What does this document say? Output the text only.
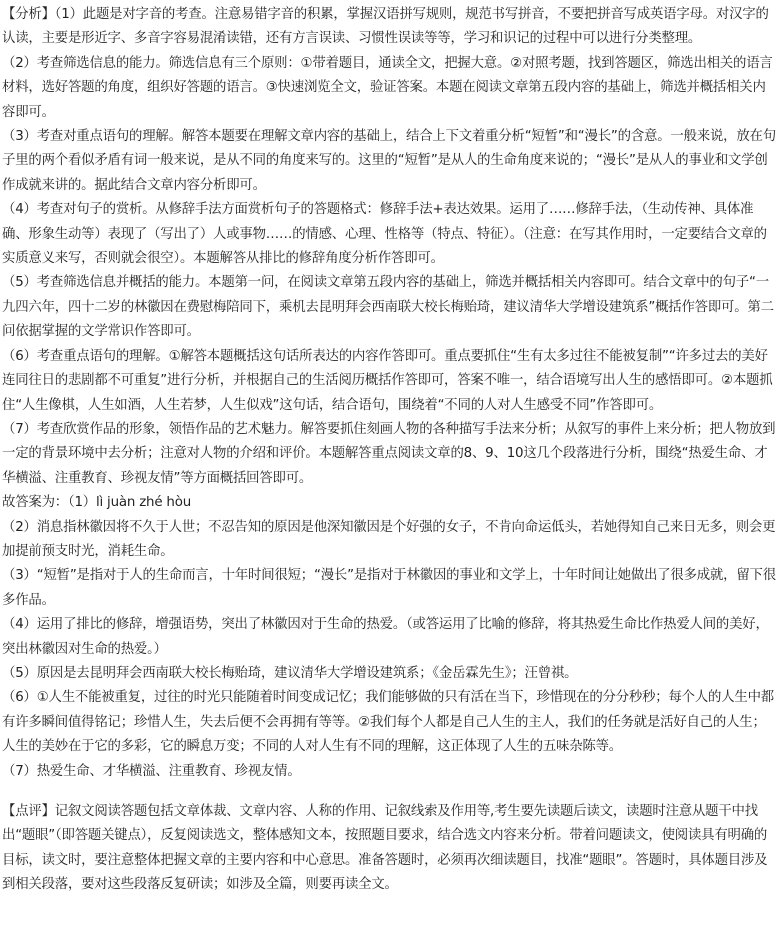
【分析】（1）此题是对字音的考查。注意易错字音的积累，掌握汉语拼写规则，规范书写拼音，不要把拼音写成英语字母。对汉字的认读，主要是形近字、多音字容易混淆读错，还有方言误读、习惯性误读等等，学习和识记的过程中可以进行分类整理。

（2）考查筛选信息的能力。筛选信息有三个原则：①带着题目，通读全文，把握大意。②对照考题，找到答题区，筛选出相关的语言材料，选好答题的角度，组织好答题的语言。③快速浏览全文，验证答案。本题在阅读文章第五段内容的基础上，筛选并概括相关内容即可。

（3）考查对重点语句的理解。解答本题要在理解文章内容的基础上，结合上下文着重分析“短暂”和“漫长”的含意。一般来说，放在句子里的两个看似矛盾有词一般来说，是从不同的角度来写的。这里的“短暂”是从人的生命角度来说的；“漫长”是从人的事业和文学创作成就来讲的。据此结合文章内容分析即可。

（4）考查对句子的赏析。从修辞手法方面赏析句子的答题格式：修辞手法+表达效果。运用了……修辞手法，（生动传神、具体准确、形象生动等）表现了（写出了）人或事物……的情感、心理、性格等（特点、特征）。（注意：在写其作用时，一定要结合文章的实质意义来写，否则就会很空）。本题解答从排比的修辞角度分析作答即可。

（5）考查筛选信息并概括的能力。本题第一问，在阅读文章第五段内容的基础上，筛选并概括相关内容即可。结合文章中的句子“一九四六年，四十二岁的林徽因在费慰梅陪同下，乘机去昆明拜会西南联大校长梅贻琦，建议清华大学增设建筑系”概括作答即可。第二问依据掌握的文学常识作答即可。

（6）考查重点语句的理解。①解答本题概括这句话所表达的内容作答即可。重点要抓住“生有太多过往不能被复制”“许多过去的美好连同往日的悲剧都不可重复”进行分析，并根据自己的生活阅历概括作答即可，答案不唯一，结合语境写出人生的感悟即可。②本题抓住“人生像棋，人生如酒，人生若梦，人生似戏”这句话，结合语句，围绕着“不同的人对人生感受不同”作答即可。

（7）考查欣赏作品的形象，领悟作品的艺术魅力。解答要抓住刻画人物的各种描写手法来分析；从叙写的事件上来分析；把人物放到一定的背景环境中去分析；注意对人物的介绍和评价。本题解答重点阅读文章的8、9、10这几个段落进行分析，围绕“热爱生命、才华横溢、注重教育、珍视友情”等方面概括回答即可。

故答案为：（1）lì juàn zhé hòu

（2）消息指林徽因将不久于人世；不忍告知的原因是他深知徽因是个好强的女子，不肯向命运低头，若她得知自己来日无多，则会更加提前预支时光，消耗生命。

（3）“短暂”是指对于人的生命而言，十年时间很短；“漫长”是指对于林徽因的事业和文学上，十年时间让她做出了很多成就，留下很多作品。

（4）运用了排比的修辞，增强语势，突出了林徽因对于生命的热爱。（或答运用了比喻的修辞，将其热爱生命比作热爱人间的美好，突出林徽因对生命的热爱。）

（5）原因是去昆明拜会西南联大校长梅贻琦，建议清华大学增设建筑系；《金岳霖先生》；汪曾祺。

（6）①人生不能被重复，过往的时光只能随着时间变成记忆；我们能够做的只有活在当下，珍惜现在的分分秒秒；每个人的人生中都有许多瞬间值得铭记；珍惜人生，失去后便不会再拥有等等。②我们每个人都是自己人生的主人，我们的任务就是活好自己的人生；人生的美妙在于它的多彩，它的瞬息万变；不同的人对人生有不同的理解，这正体现了人生的五味杂陈等。

（7）热爱生命、才华横溢、注重教育、珍视友情。

【点评】记叙文阅读答题包括文章体裁、文章内容、人称的作用、记叙线索及作用等,考生要先读题后读文，读题时注意从题干中找出“题眼”（即答题关键点），反复阅读选文，整体感知文本，按照题目要求，结合选文内容来分析。带着问题读文，使阅读具有明确的目标，读文时，要注意整体把握文章的主要内容和中心意思。准备答题时，必须再次细读题目，找准“题眼”。答题时，具体题目涉及到相关段落，要对这些段落反复研读；如涉及全篇，则要再读全文。
